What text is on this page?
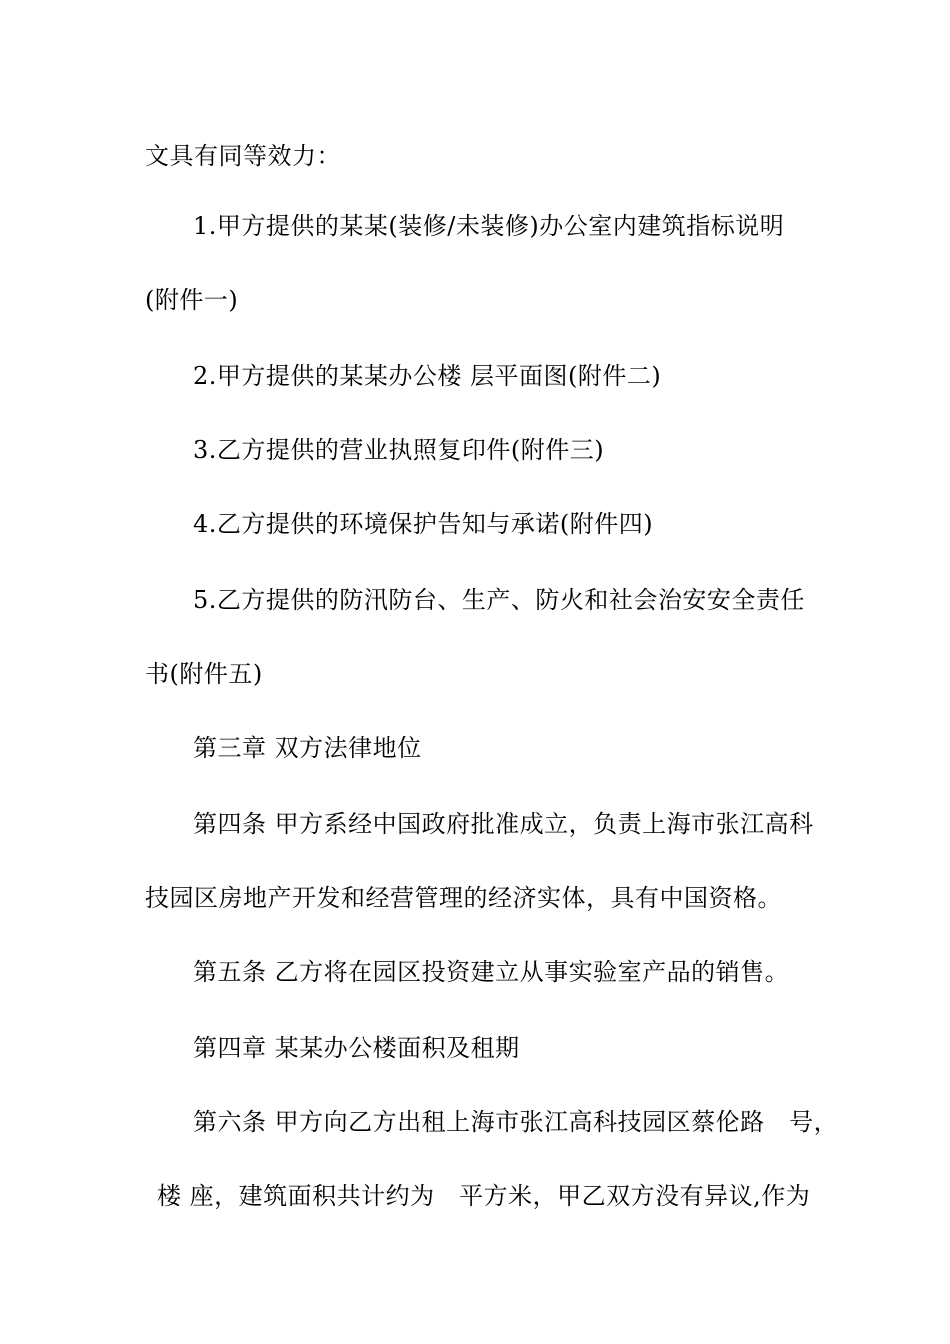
文具有同等效力：
1.甲方提供的某某(装修/未装修)办公室内建筑指标说明
(附件一)
2.甲方提供的某某办公楼 层平面图(附件二)
3.乙方提供的营业执照复印件(附件三)
4.乙方提供的环境保护告知与承诺(附件四)
5.乙方提供的防汛防台、生产、防火和社会治安安全责任
书(附件五)
第三章 双方法律地位
第四条 甲方系经中国政府批准成立，负责上海市张江高科
技园区房地产开发和经营管理的经济实体，具有中国资格。
第五条 乙方将在园区投资建立从事实验室产品的销售。
第四章 某某办公楼面积及租期
第六条 甲方向乙方出租上海市张江高科技园区蔡伦路　号，
楼 座，建筑面积共计约为　平方米，甲乙双方没有异议,作为
